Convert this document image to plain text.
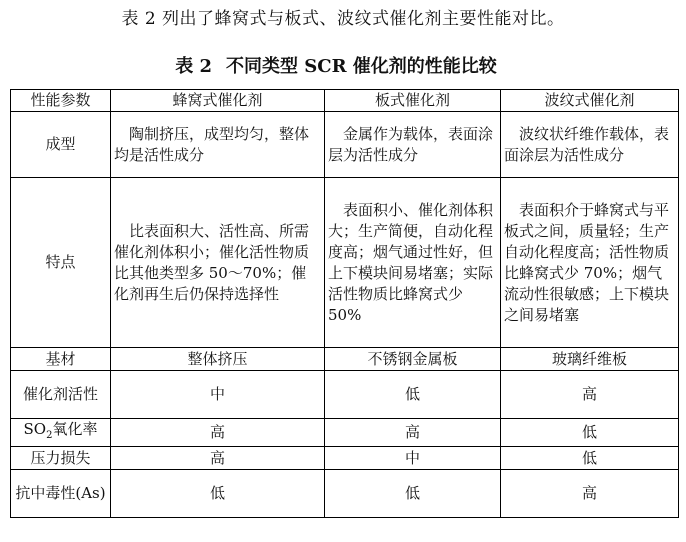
表 2 列出了蜂窝式与板式、波纹式催化剂主要性能对比。
表 2 不同类型 SCR 催化剂的性能比较
性能参数	蜂窝式催化剂	板式催化剂	波纹式催化剂
成型	陶制挤压，成型均匀，整体均是活性成分	金属作为载体，表面涂层为活性成分	波纹状纤维作载体，表面涂层为活性成分
特点	比表面积大、活性高、所需催化剂体积小；催化活性物质比其他类型多 50～70%；催化剂再生后仍保持选择性	表面积小、催化剂体积大；生产简便，自动化程度高；烟气通过性好，但上下模块间易堵塞；实际活性物质比蜂窝式少 50%	表面积介于蜂窝式与平板式之间，质量轻；生产自动化程度高；活性物质比蜂窝式少 70%；烟气流动性很敏感；上下模块之间易堵塞
基材	整体挤压	不锈钢金属板	玻璃纤维板
催化剂活性	中	低	高
$SO_2$氧化率	高	高	低
压力损失	高	中	低
抗中毒性(As)	低	低	高
